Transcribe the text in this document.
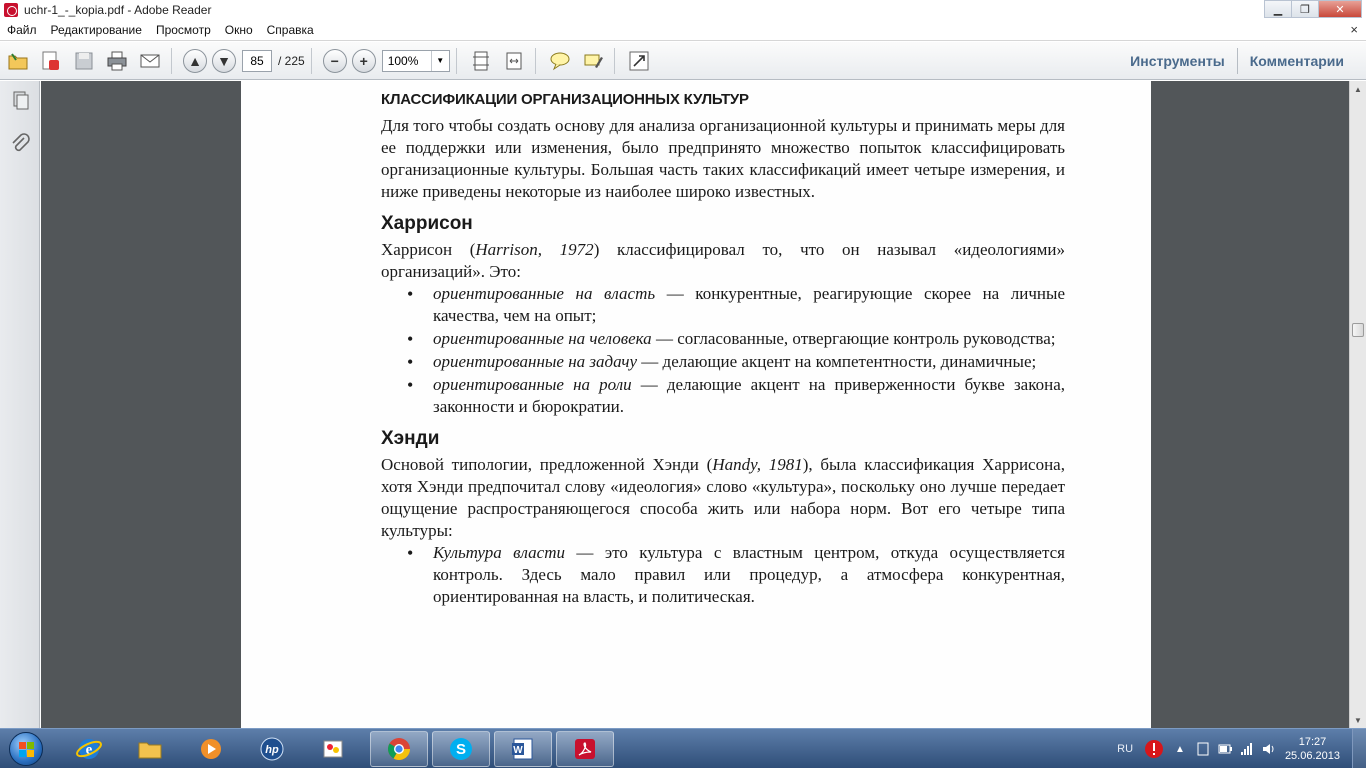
uchr-1_-_kopia.pdf - Adobe Reader	▁	❐	✕
Файл	Редактирование	Просмотр	Окно	Справка	×
▲ ▼	85	/ 225 − +	100%	▼	Инструменты	Комментарии
КЛАССИФИКАЦИИ ОРГАНИЗАЦИОННЫХ КУЛЬТУР

Для того чтобы создать основу для анализа организационной культуры и принимать меры для ее поддержки или изменения, было предпринято множество попыток классифицировать организационные культуры. Большая часть таких классификаций имеет четыре измерения, и ниже приведены некоторые из наиболее широко известных.

Харрисон

Харрисон (Harrison, 1972) классифицировал то, что он называл «идеологиями» организаций». Это:

• ориентированные на власть — конкурентные, реагирующие скорее на личные качества, чем на опыт;
• ориентированные на человека — согласованные, отвергающие контроль руководства;
• ориентированные на задачу — делающие акцент на компетентности, динамичные;
• ориентированные на роли — делающие акцент на приверженности букве закона, законности и бюрократии.
Хэнди

Основой типологии, предложенной Хэнди (Handy, 1981), была классификация Харрисона, хотя Хэнди предпочитал слову «идеология» слово «культура», поскольку оно лучше передает ощущение распространяющегося способа жить или набора норм. Вот его четыре типа культуры:

• Культура власти — это культура с властным центром, откуда осуществляется контроль. Здесь мало правил или процедур, а атмосфера конкурентная, ориентированная на власть, и политическая.
▲
▼
e	hp	S	W	RU	▲
17:27
25.06.2013
